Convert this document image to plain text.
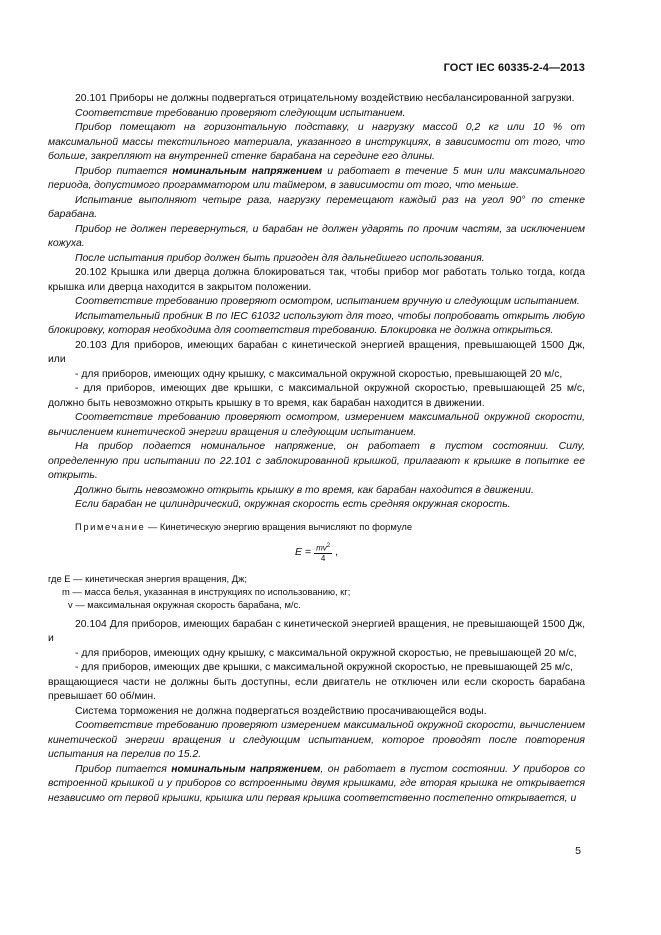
ГОСТ IEC 60335-2-4—2013

20.101 Приборы не должны подвергаться отрицательному воздействию несбалансированной загрузки.

Соответствие требованию проверяют следующим испытанием.

Прибор помещают на горизонтальную подставку, и нагрузку массой 0,2 кг или 10 % от максимальной массы текстильного материала, указанного в инструкциях, в зависимости от того, что больше, закрепляют на внутренней стенке барабана на середине его длины.

Прибор питается номинальным напряжением и работает в течение 5 мин или максимального периода, допустимого программатором или таймером, в зависимости от того, что меньше.

Испытание выполняют четыре раза, нагрузку перемещают каждый раз на угол 90° по стенке барабана.

Прибор не должен перевернуться, и барабан не должен ударять по прочим частям, за исключением кожуха.

После испытания прибор должен быть пригоден для дальнейшего использования.

20.102 Крышка или дверца должна блокироваться так, чтобы прибор мог работать только тогда, когда крышка или дверца находится в закрытом положении.

Соответствие требованию проверяют осмотром, испытанием вручную и следующим испытанием.

Испытательный пробник В по IEC 61032 используют для того, чтобы попробовать открыть любую блокировку, которая необходима для соответствия требованию. Блокировка не должна открыться.

20.103 Для приборов, имеющих барабан с кинетической энергией вращения, превышающей 1500 Дж, или

- для приборов, имеющих одну крышку, с максимальной окружной скоростью, превышающей 20 м/с,

- для приборов, имеющих две крышки, с максимальной окружной скоростью, превышающей 25 м/с, должно быть невозможно открыть крышку в то время, как барабан находится в движении.

Соответствие требованию проверяют осмотром, измерением максимальной окружной скорости, вычислением кинетической энергии вращения и следующим испытанием.

На прибор подается номинальное напряжение, он работает в пустом состоянии. Силу, определенную при испытании по 22.101 с заблокированной крышкой, прилагают к крышке в попытке ее открыть.

Должно быть невозможно открыть крышку в то время, как барабан находится в движении.

Если барабан не цилиндрический, окружная скорость есть средняя окружная скорость.

Примечание — Кинетическую энергию вращения вычисляют по формуле

$E = \frac{mv^2}{4}$ ,
где E — кинетическая энергия вращения, Дж;
m — масса белья, указанная в инструкциях по использованию, кг;
v — максимальная окружная скорость барабана, м/с.

20.104 Для приборов, имеющих барабан с кинетической энергией вращения, не превышающей 1500 Дж, и

- для приборов, имеющих одну крышку, с максимальной окружной скоростью, не превышающей 20 м/с,

- для приборов, имеющих две крышки, с максимальной окружной скоростью, не превышающей 25 м/с,

вращающиеся части не должны быть доступны, если двигатель не отключен или если скорость барабана превышает 60 об/мин.

Система торможения не должна подвергаться воздействию просачивающейся воды.

Соответствие требованию проверяют измерением максимальной окружной скорости, вычислением кинетической энергии вращения и следующим испытанием, которое проводят после повторения испытания на перелив по 15.2.

Прибор питается номинальным напряжением, он работает в пустом состоянии. У приборов со встроенной крышкой и у приборов со встроенными двумя крышками, где вторая крышка не открывается независимо от первой крышки, крышка или первая крышка соответственно постепенно открывается, и

5
